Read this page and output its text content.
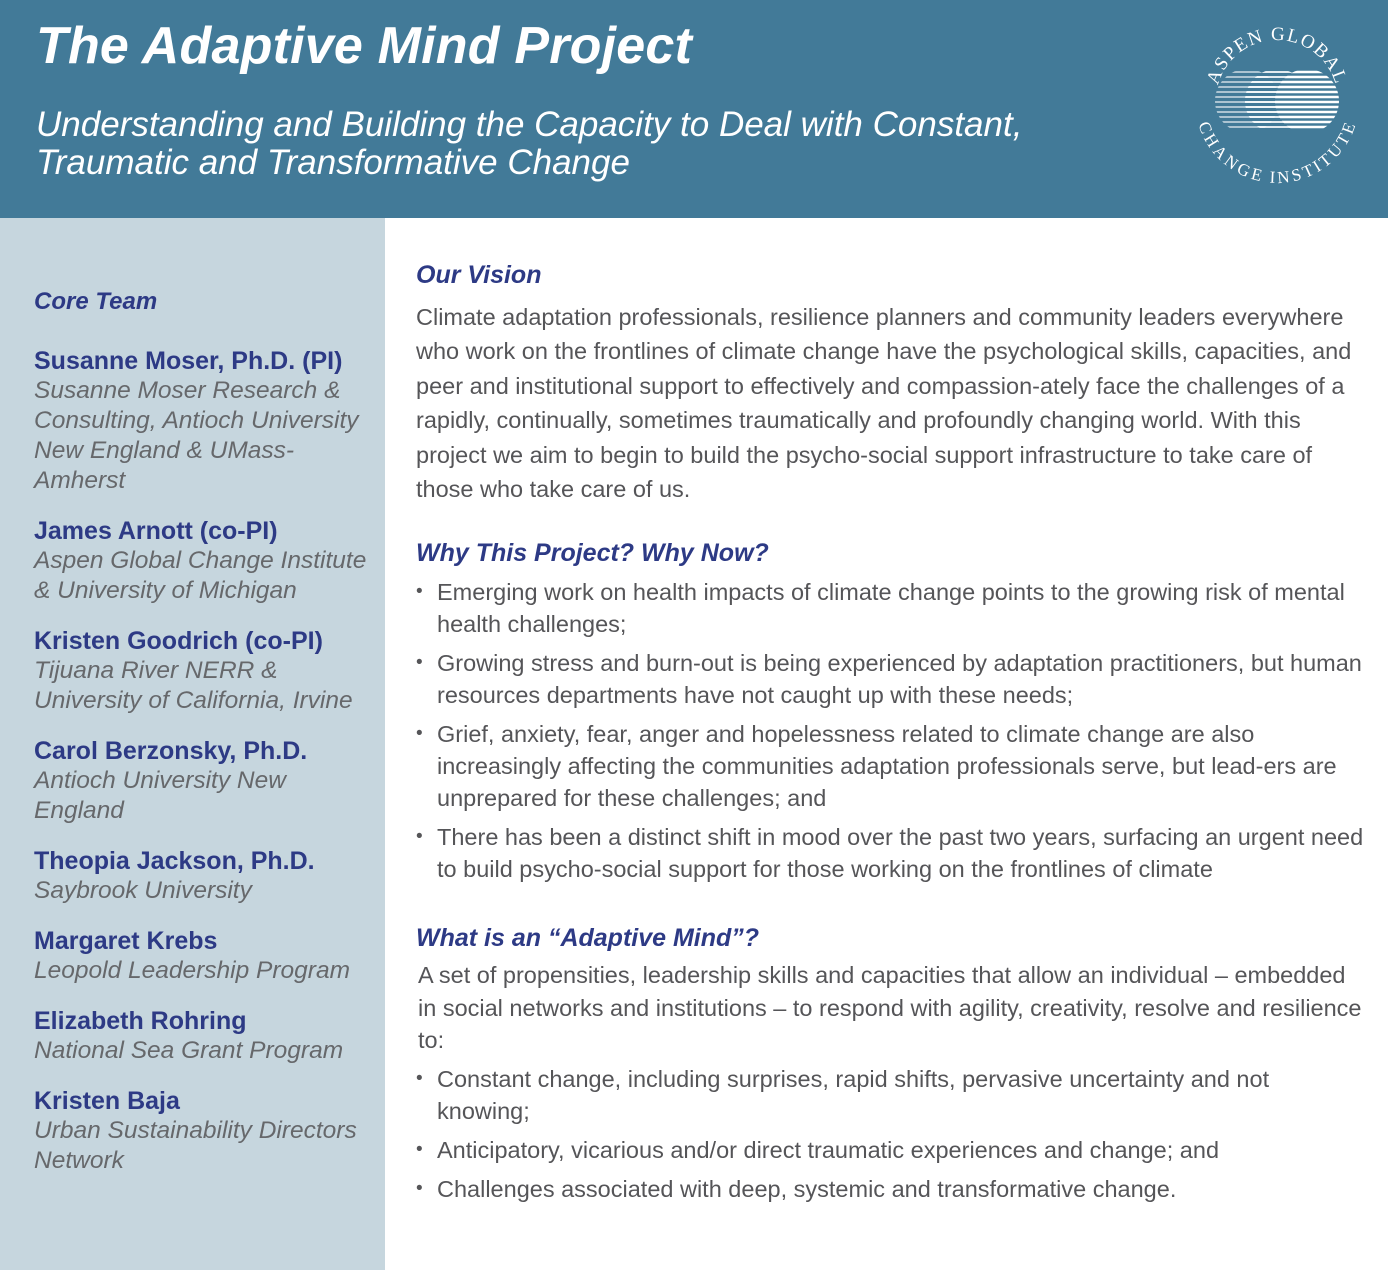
The Adaptive Mind Project
Understanding and Building the Capacity to Deal with Constant, Traumatic and Transformative Change
ASPEN GLOBAL
CHANGE INSTITUTE
Core Team
Susanne Moser, Ph.D. (PI)
Susanne Moser Research & Consulting, Antioch University New England & UMass-Amherst
James Arnott (co-PI)
Aspen Global Change Institute & University of Michigan
Kristen Goodrich (co-PI)
Tijuana River NERR & University of California, Irvine
Carol Berzonsky, Ph.D.
Antioch University New England
Theopia Jackson, Ph.D.
Saybrook University
Margaret Krebs
Leopold Leadership Program
Elizabeth Rohring
National Sea Grant Program
Kristen Baja
Urban Sustainability Directors Network
Our Vision

Climate adaptation professionals, resilience planners and community leaders everywhere who work on the frontlines of climate change have the psychological skills, capacities, and peer and institutional support to effectively and compassion-ately face the challenges of a rapidly, continually, sometimes traumatically and profoundly changing world. With this project we aim to begin to build the psycho-social support infrastructure to take care of those who take care of us.

Why This Project? Why Now?
• Emerging work on health impacts of climate change points to the growing risk of mental health challenges;
• Growing stress and burn-out is being experienced by adaptation practitioners, but human resources departments have not caught up with these needs;
• Grief, anxiety, fear, anger and hopelessness related to climate change are also increasingly affecting the communities adaptation professionals serve, but lead-ers are unprepared for these challenges; and
• There has been a distinct shift in mood over the past two years, surfacing an urgent need to build psycho-social support for those working on the frontlines of climate
What is an “Adaptive Mind”?

A set of propensities, leadership skills and capacities that allow an individual – embedded in social networks and institutions – to respond with agility, creativity, resolve and resilience to:

• Constant change, including surprises, rapid shifts, pervasive uncertainty and not knowing;
• Anticipatory, vicarious and/or direct traumatic experiences and change; and
• Challenges associated with deep, systemic and transformative change.
